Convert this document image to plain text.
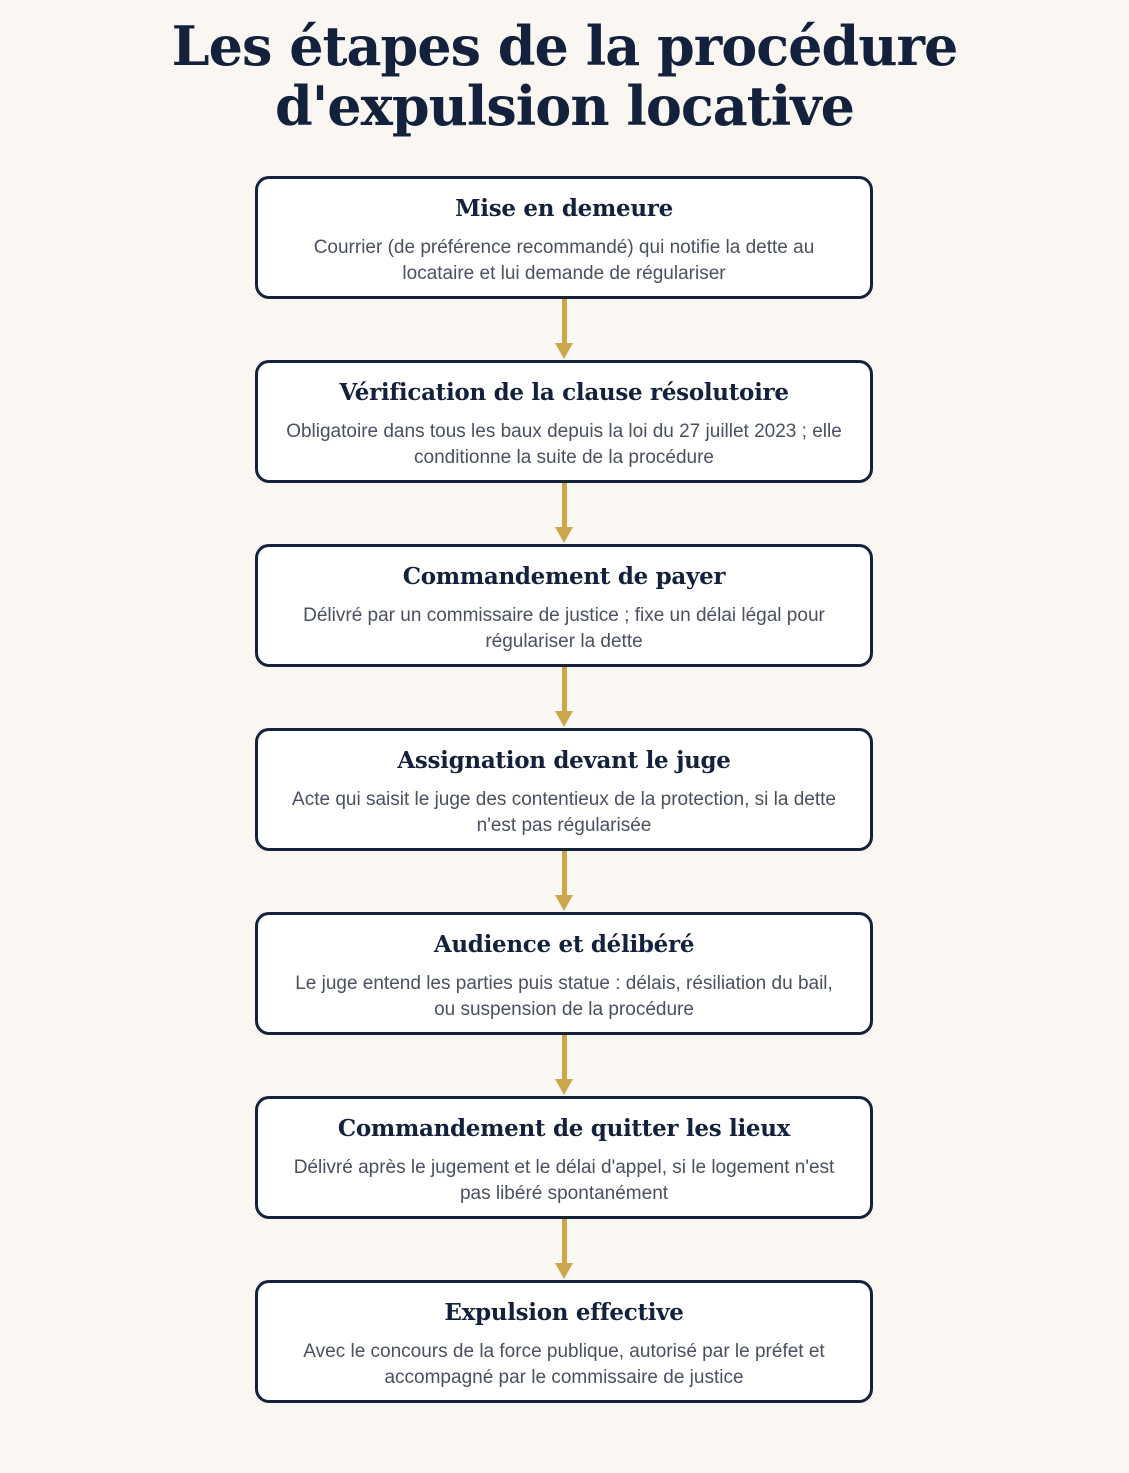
Les étapes de la procédure d'expulsion locative
Mise en demeure
Courrier (de préférence recommandé) qui notifie la dette au locataire et lui demande de régulariser
Vérification de la clause résolutoire
Obligatoire dans tous les baux depuis la loi du 27 juillet 2023 ; elle conditionne la suite de la procédure
Commandement de payer
Délivré par un commissaire de justice ; fixe un délai légal pour régulariser la dette
Assignation devant le juge
Acte qui saisit le juge des contentieux de la protection, si la dette n'est pas régularisée
Audience et délibéré
Le juge entend les parties puis statue : délais, résiliation du bail, ou suspension de la procédure
Commandement de quitter les lieux
Délivré après le jugement et le délai d'appel, si le logement n'est pas libéré spontanément
Expulsion effective
Avec le concours de la force publique, autorisé par le préfet et accompagné par le commissaire de justice
